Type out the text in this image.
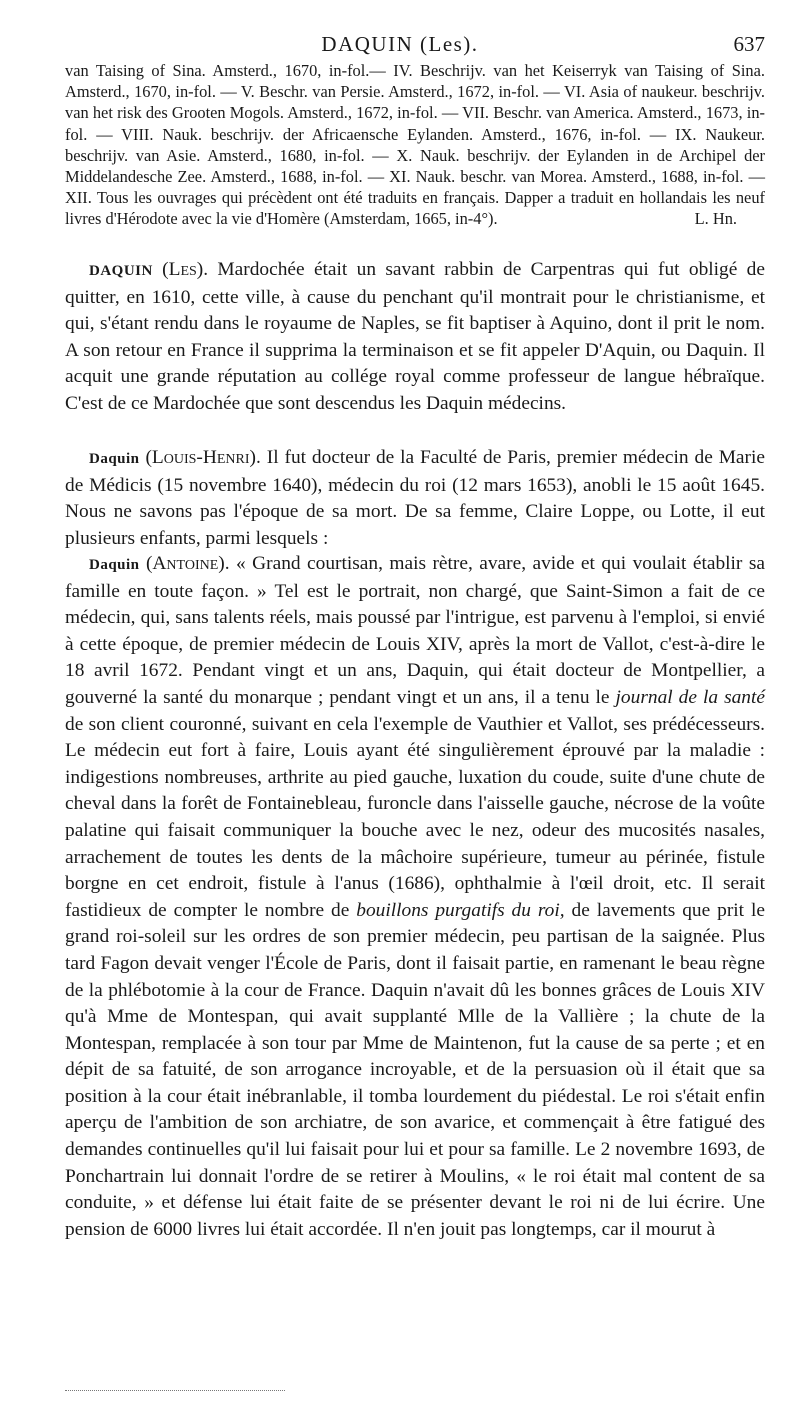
DAQUIN (Les).	637
van Taising of Sina. Amsterd., 1670, in-fol.— IV. Beschrijv. van het Keiserryk van Taising of Sina. Amsterd., 1670, in-fol. — V. Beschr. van Persie. Amsterd., 1672, in-fol. — VI. Asia of naukeur. beschrijv. van het risk des Grooten Mogols. Amsterd., 1672, in-fol. — VII. Beschr. van America. Amsterd., 1673, in-fol. — VIII. Nauk. beschrijv. der Africaensche Eylanden. Amsterd., 1676, in-fol. — IX. Naukeur. beschrijv. van Asie. Amsterd., 1680, in-fol. — X. Nauk. beschrijv. der Eylanden in de Archipel der Middelandesche Zee. Amsterd., 1688, in-fol. — XI. Nauk. beschr. van Morea. Amsterd., 1688, in-fol. — XII. Tous les ouvrages qui précèdent ont été traduits en français. Dapper a traduit en hollandais les neuf livres d'Hérodote avec la vie d'Homère (Amsterdam, 1665, in-4°).	L. Hn.

DAQUIN (Les). Mardochée était un savant rabbin de Carpentras qui fut obligé de quitter, en 1610, cette ville, à cause du penchant qu'il montrait pour le christianisme, et qui, s'étant rendu dans le royaume de Naples, se fit baptiser à Aquino, dont il prit le nom. A son retour en France il supprima la terminaison et se fit appeler D'Aquin, ou Daquin. Il acquit une grande réputation au collége royal comme professeur de langue hébraïque. C'est de ce Mardochée que sont descendus les Daquin médecins.

Daquin (Louis-Henri). Il fut docteur de la Faculté de Paris, premier médecin de Marie de Médicis (15 novembre 1640), médecin du roi (12 mars 1653), anobli le 15 août 1645. Nous ne savons pas l'époque de sa mort. De sa femme, Claire Loppe, ou Lotte, il eut plusieurs enfants, parmi lesquels :

Daquin (Antoine). « Grand courtisan, mais rètre, avare, avide et qui voulait établir sa famille en toute façon. » Tel est le portrait, non chargé, que Saint-Simon a fait de ce médecin, qui, sans talents réels, mais poussé par l'intrigue, est parvenu à l'emploi, si envié à cette époque, de premier médecin de Louis XIV, après la mort de Vallot, c'est-à-dire le 18 avril 1672. Pendant vingt et un ans, Daquin, qui était docteur de Montpellier, a gouverné la santé du monarque ; pendant vingt et un ans, il a tenu le journal de la santé de son client couronné, suivant en cela l'exemple de Vauthier et Vallot, ses prédécesseurs. Le médecin eut fort à faire, Louis ayant été singulièrement éprouvé par la maladie : indigestions nombreuses, arthrite au pied gauche, luxation du coude, suite d'une chute de cheval dans la forêt de Fontainebleau, furoncle dans l'aisselle gauche, nécrose de la voûte palatine qui faisait communiquer la bouche avec le nez, odeur des mucosités nasales, arrachement de toutes les dents de la mâchoire supérieure, tumeur au périnée, fistule borgne en cet endroit, fistule à l'anus (1686), ophthalmie à l'œil droit, etc. Il serait fastidieux de compter le nombre de bouillons purgatifs du roi, de lavements que prit le grand roi-soleil sur les ordres de son premier médecin, peu partisan de la saignée. Plus tard Fagon devait venger l'École de Paris, dont il faisait partie, en ramenant le beau règne de la phlébotomie à la cour de France. Daquin n'avait dû les bonnes grâces de Louis XIV qu'à Mme de Montespan, qui avait supplanté Mlle de la Vallière ; la chute de la Montespan, remplacée à son tour par Mme de Maintenon, fut la cause de sa perte ; et en dépit de sa fatuité, de son arrogance incroyable, et de la persuasion où il était que sa position à la cour était inébranlable, il tomba lourdement du piédestal. Le roi s'était enfin aperçu de l'ambition de son archiatre, de son avarice, et commençait à être fatigué des demandes continuelles qu'il lui faisait pour lui et pour sa famille. Le 2 novembre 1693, de Ponchartrain lui donnait l'ordre de se retirer à Moulins, « le roi était mal content de sa conduite, » et défense lui était faite de se présenter devant le roi ni de lui écrire. Une pension de 6000 livres lui était accordée. Il n'en jouit pas longtemps, car il mourut à
